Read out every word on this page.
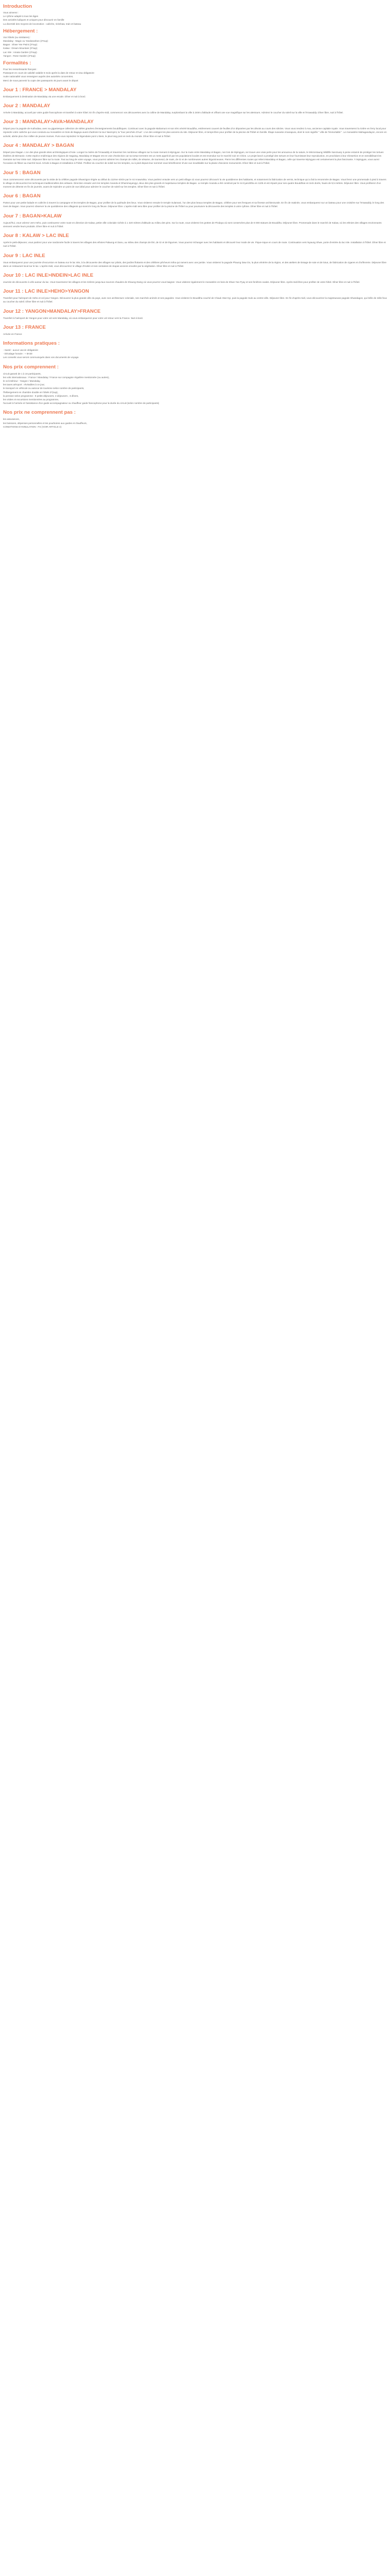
Introduction

Vous aimerez :

Le rythme adapté à tous les âges

Des activités ludiques et uniques pour découvrir en famille

La diversité des moyens de locomotion : calèche, rickshaw, train et bateau

Hébergement :

Vos hôtels (ou similaires) :

Mandalay : Magic ou Yandanarbon (3*sup)

Bagan : Shwe Yee Pwint (3*sup)

Kalaw : Dream Mountain (3*sup)

Lac Inle : Amata Garden (3*sup)

Yangon : Rose Garden (3*sup)

Formalités :

Pour les ressortissants français :

Passeport en cours de validité valable 6 mois après la date de retour et visa obligatoire

Autre nationalité vous renseigner auprès des autorités concernées.

Merci de nous parvenir la copie des passeports 45 jours avant le départ

Jour 1 : FRANCE > MANDALAY

Embarquement à destination de Mandalay via une escale. Dîner et nuit à bord.

Jour 2 : MANDALAY

Arrivée à Mandalay, accueil par votre guide francophone et transfert à votre hôtel. En fin d'après-midi, commencez vos découvertes avec la colline de Mandalay, surplombant la ville à 240m d'altitude et offrant une vue magnifique sur les alentours. Admirez le coucher du soleil sur la ville et l'Irrawaddy. Dîner libre, nuit à l'hôtel.

Jour 3 : MANDALAY>AVA>MANDALAY

Départ pour la pagode de Kuthodaw, avec sa gigantesque collection de stèles gravées d'enseignements bouddhiques. Continuez avec la pagode Mahamuni et son très vénéré Bouddha, entièrement couvert de feuilles d'or déposées par les dévots au cours des siècles. Vous vous rendrez à Ava, ancienne capitale royale. Vous traverserez la rivière en ferry local pour rejoindre votre calèche qui vous conduira au monastère en bois de Bagaya avant d'admirer la tour Nanmyint, la "tour penchée d'Ava". L'un des vestiges les plus anciens du site. Déjeuner libre, et temps libre pour profiter de la piscine de l'hôtel en famille. Étape suivante Amarapura, dont le nom signifie " ville de l'immortalité ". Le monastère Mahagandayon, encore en activité, abrite plus d'un millier de jeunes moines. Puis vous rejoindrez le légendaire pont U Bein, le plus long pont en teck du monde. Dîner libre et nuit à l'hôtel.

Jour 4 : MANDALAY > BAGAN

Départ pour Bagan. L'un des plus grands sites archéologiques d'Asie. Longez la rivière de l'Irrawaddy et traversez les nombreux villages sur la route menant à Myingyan. Sur la route entre Mandalay et Bagan, non loin de Myingyan, se trouve une vraie perle pour les amoureux de la nature, le Minzontaung Wildlife Sanctuary à peine entamé de protéger les tortues étoilées de Birmanie. Cette espèce endémique des régions de Sagaing, Mandalay et Magwe est en voie d'extinction car sa tortue terrestre est un mets apprécié par les populations locales et est revendue sur le marché noir en Chine. Le projet lancé a protégé des tortues en leur fournissant leur reproduction, en procédant à leur réinsertion et en sensibilisant les riverains sur leur triste sort. Déjeuner libre sur la route. Tout au long de votre voyage, vous pourrez admirer les champs de millet, de sésame, de tournesol, de maïs, de riz et de nombreuses autres légumineuses. Pierre les différentes routes qui relient Mandalay et Bagan, celle qui traverse Myingyan est certainement la plus fascinante. À Myingyan, vous aurez l'occasion de flâner au marché local. Arrivée à Bagan et installation à l'hôtel. Profitez du coucher de soleil sur les temples, ou à pied depuis leur sommet vous bénéficierez d'une vue inoubliable sur la plaine d'anciens monuments. Dîner libre et nuit à l'hôtel.

Jour 5 : BAGAN

Vous commencerez votre découverte par la visite de la célèbre pagode Shwezigon érigée au début du 11ème siècle par le roi Anawrahta. Vous partirez ensuite vers un petit village où vous pourrez découvrir la vie quotidienne des habitants, et notamment la fabrication de vernis, technique qui a fait la renommée de Bagan. Vous ferez une promenade à pied à travers le village et découvrirez les techniques traditionnelles des artisans. Direction ensuite vers les temples Ananda et Dhammayangyi, deux des plus grands et majestueux temples de Bagan. Le temple Ananda a été construit par le roi Kyanzittha en 1105 et est réputé pour ses quatre Bouddhas en teck dorés, hauts de 9,5 mètres. Déjeuner libre. Vous profiterez d'un moment de détente en fin de journée, avant de rejoindre un point de vue idéal pour admirer le coucher de soleil sur les temples. Dîner libre et nuit à l'hôtel.

Jour 6 : BAGAN

Partez pour une petite balade en calèche à travers la campagne et les temples de Bagan, pour profiter de la quiétude des lieux. Vous visiterez ensuite le temple Sulamani, l'un des plus beaux temples de Bagan, célèbre pour ses fresques et sa finesse architecturale. En fin de matinée, vous embarquerez sur un bateau pour une croisière sur l'Irrawaddy, le long des rives de Bagan. Vous pourrez observer la vie quotidienne des villageois qui vivent le long du fleuve. Déjeuner libre. L'après-midi sera libre pour profiter de la piscine de l'hôtel ou pour poursuivre la découverte des temples à votre rythme. Dîner libre et nuit à l'hôtel.

Jour 7 : BAGAN>KALAW

Aujourd'hui, vous volerez vers Heho, puis continuerez votre route en direction de Kalaw, petite ville coloniale nichée à 1 320 mètres d'altitude au milieu des pins. Sur la route, vous visiterez les grottes de Pindaya où sont conservées plus de 8 000 statues de Bouddha. Déjeuner libre. Promenade dans le marché de Kalaw, où les ethnies des villages environnants viennent vendre leurs produits. Dîner libre et nuit à l'hôtel.

Jour 8 : KALAW > LAC INLE

Après le petit-déjeuner, vous partirez pour une randonnée facile à travers les villages des ethnies Palaung et Danu, au milieu des champs de thé, de riz et de légumes. Vous pourrez échanger avec les habitants et découvrir leur mode de vie. Pique-nique en cours de route. Continuation vers Nyaung Shwe, porte d'entrée du lac Inle. Installation à l'hôtel. Dîner libre et nuit à l'hôtel.

Jour 9 : LAC INLE

Vous embarquerez pour une journée d'excursion en bateau sur le lac Inle, à la découverte des villages sur pilotis, des jardins flottants et des célèbres pêcheurs Intha qui rament avec une jambe. Vous visiterez la pagode Phaung Daw Oo, la plus vénérée de la région, et des ateliers de tissage de soie et de lotus, de fabrication de cigares et d'orfèvrerie. Déjeuner libre dans un restaurant local sur le lac. L'après-midi, vous découvrirez le village d'Indein et ses centaines de stupas anciens envahis par la végétation. Dîner libre et nuit à l'hôtel.

Jour 10 : LAC INLE>INDEIN>LAC INLE

Journée de découverte à vélo autour du lac. Vous traverserez les villages et les rizières jusqu'aux sources chaudes de Khaung Daing où vous pourrez vous baigner. Vous visiterez également le monastère en bois de Shwe Yan Pyay et ses fenêtres ovales. Déjeuner libre. Après-midi libre pour profiter de votre hôtel. Dîner libre et nuit à l'hôtel.

Jour 11 : LAC INLE>HEHO>YANGON

Transfert pour l'aéroport de Heho et vol pour Yangon. Découvrez la plus grande ville du pays, avec son architecture coloniale, ses marchés animés et ses pagodes. Vous visiterez le Bouddha couché de Chauk Htat Gyi, puis la pagode Sule au centre-ville. Déjeuner libre. En fin d'après-midi, vous découvrirez la majestueuse pagode Shwedagon, qui brille de mille feux au coucher du soleil. Dîner libre et nuit à l'hôtel.

Jour 12 : YANGON>MANDALAY>FRANCE

Transfert à l'aéroport de Yangon pour votre vol vers Mandalay, où vous embarquerez pour votre vol retour vers la France. Nuit à bord.

Jour 13 : FRANCE

Arrivée en France

Informations pratiques :

- Santé : aucun vaccin obligatoire

- Décalage horaire : + 5H30

Les conseils vous seront communiqués dans vos documents de voyage.

Nos prix comprennent :

circuit garanti de 1 à 16 participants,

les vols internationaux : France / Mandalay / France sur compagnie régulière mentionnée (ou autres),

le vol intérieur : Yangon / Mandalay,

les taxes aéroport : révisables à ce jour,

le transport en véhicule ou autocar de tourisme selon nombre de participants,

l'hébergement en chambre double en hôtels 3*(sup),

la pension selon programme : 9 petits-déjeuners, 3 déjeuners , 3 dîners,

les visites et excursions mentionnées au programme,

l'accueil à l'arrivée et l'assistance d'un guide accompagnateur ou chauffeur guide francophone pour la durée du circuit (selon nombre de participants)

Nos prix ne comprennent pas :

les assurances,

les boissons, dépenses personnelles et les pourboires aux guides et chauffeurs,

CONDITIONS D'ANNULATION : FS (VOIR ARTICLE 4)
